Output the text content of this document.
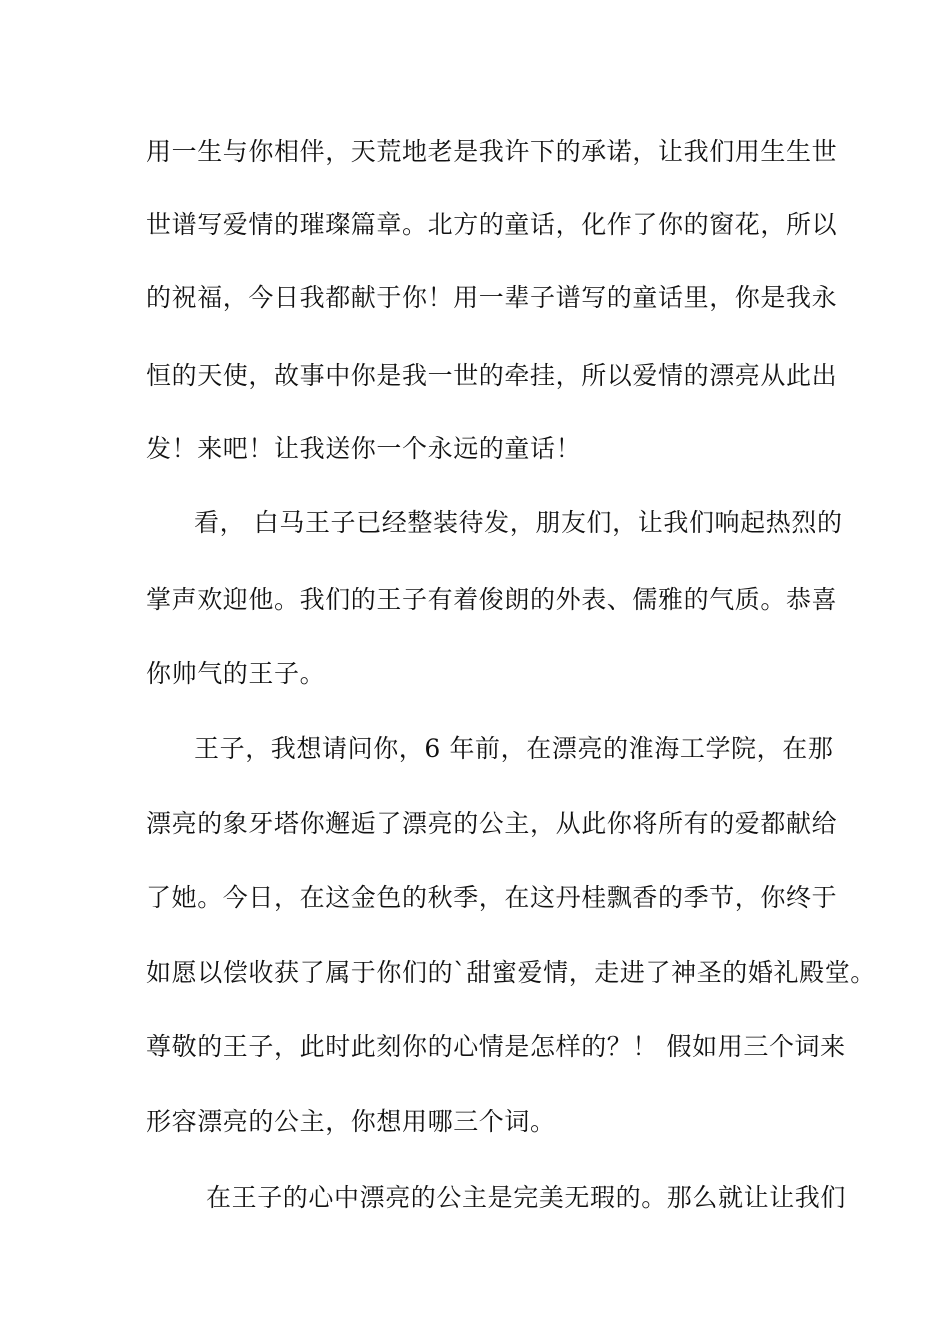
用一生与你相伴，天荒地老是我许下的承诺，让我们用生生世
世谱写爱情的璀璨篇章。北方的童话，化作了你的窗花，所以
的祝福，今日我都献于你！用一辈子谱写的童话里，你是我永
恒的天使，故事中你是我一世的牵挂，所以爱情的漂亮从此出
发！来吧！让我送你一个永远的童话！
看， 白马王子已经整装待发，朋友们，让我们响起热烈的
掌声欢迎他。我们的王子有着俊朗的外表、儒雅的气质。恭喜
你帅气的王子。
王子，我想请问你，6 年前，在漂亮的淮海工学院，在那
漂亮的象牙塔你邂逅了漂亮的公主，从此你将所有的爱都献给
了她。今日，在这金色的秋季，在这丹桂飘香的季节，你终于
如愿以偿收获了属于你们的`甜蜜爱情，走进了神圣的婚礼殿堂。
尊敬的王子，此时此刻你的心情是怎样的？！ 假如用三个词来
形容漂亮的公主，你想用哪三个词。
在王子的心中漂亮的公主是完美无瑕的。那么就让让我们
